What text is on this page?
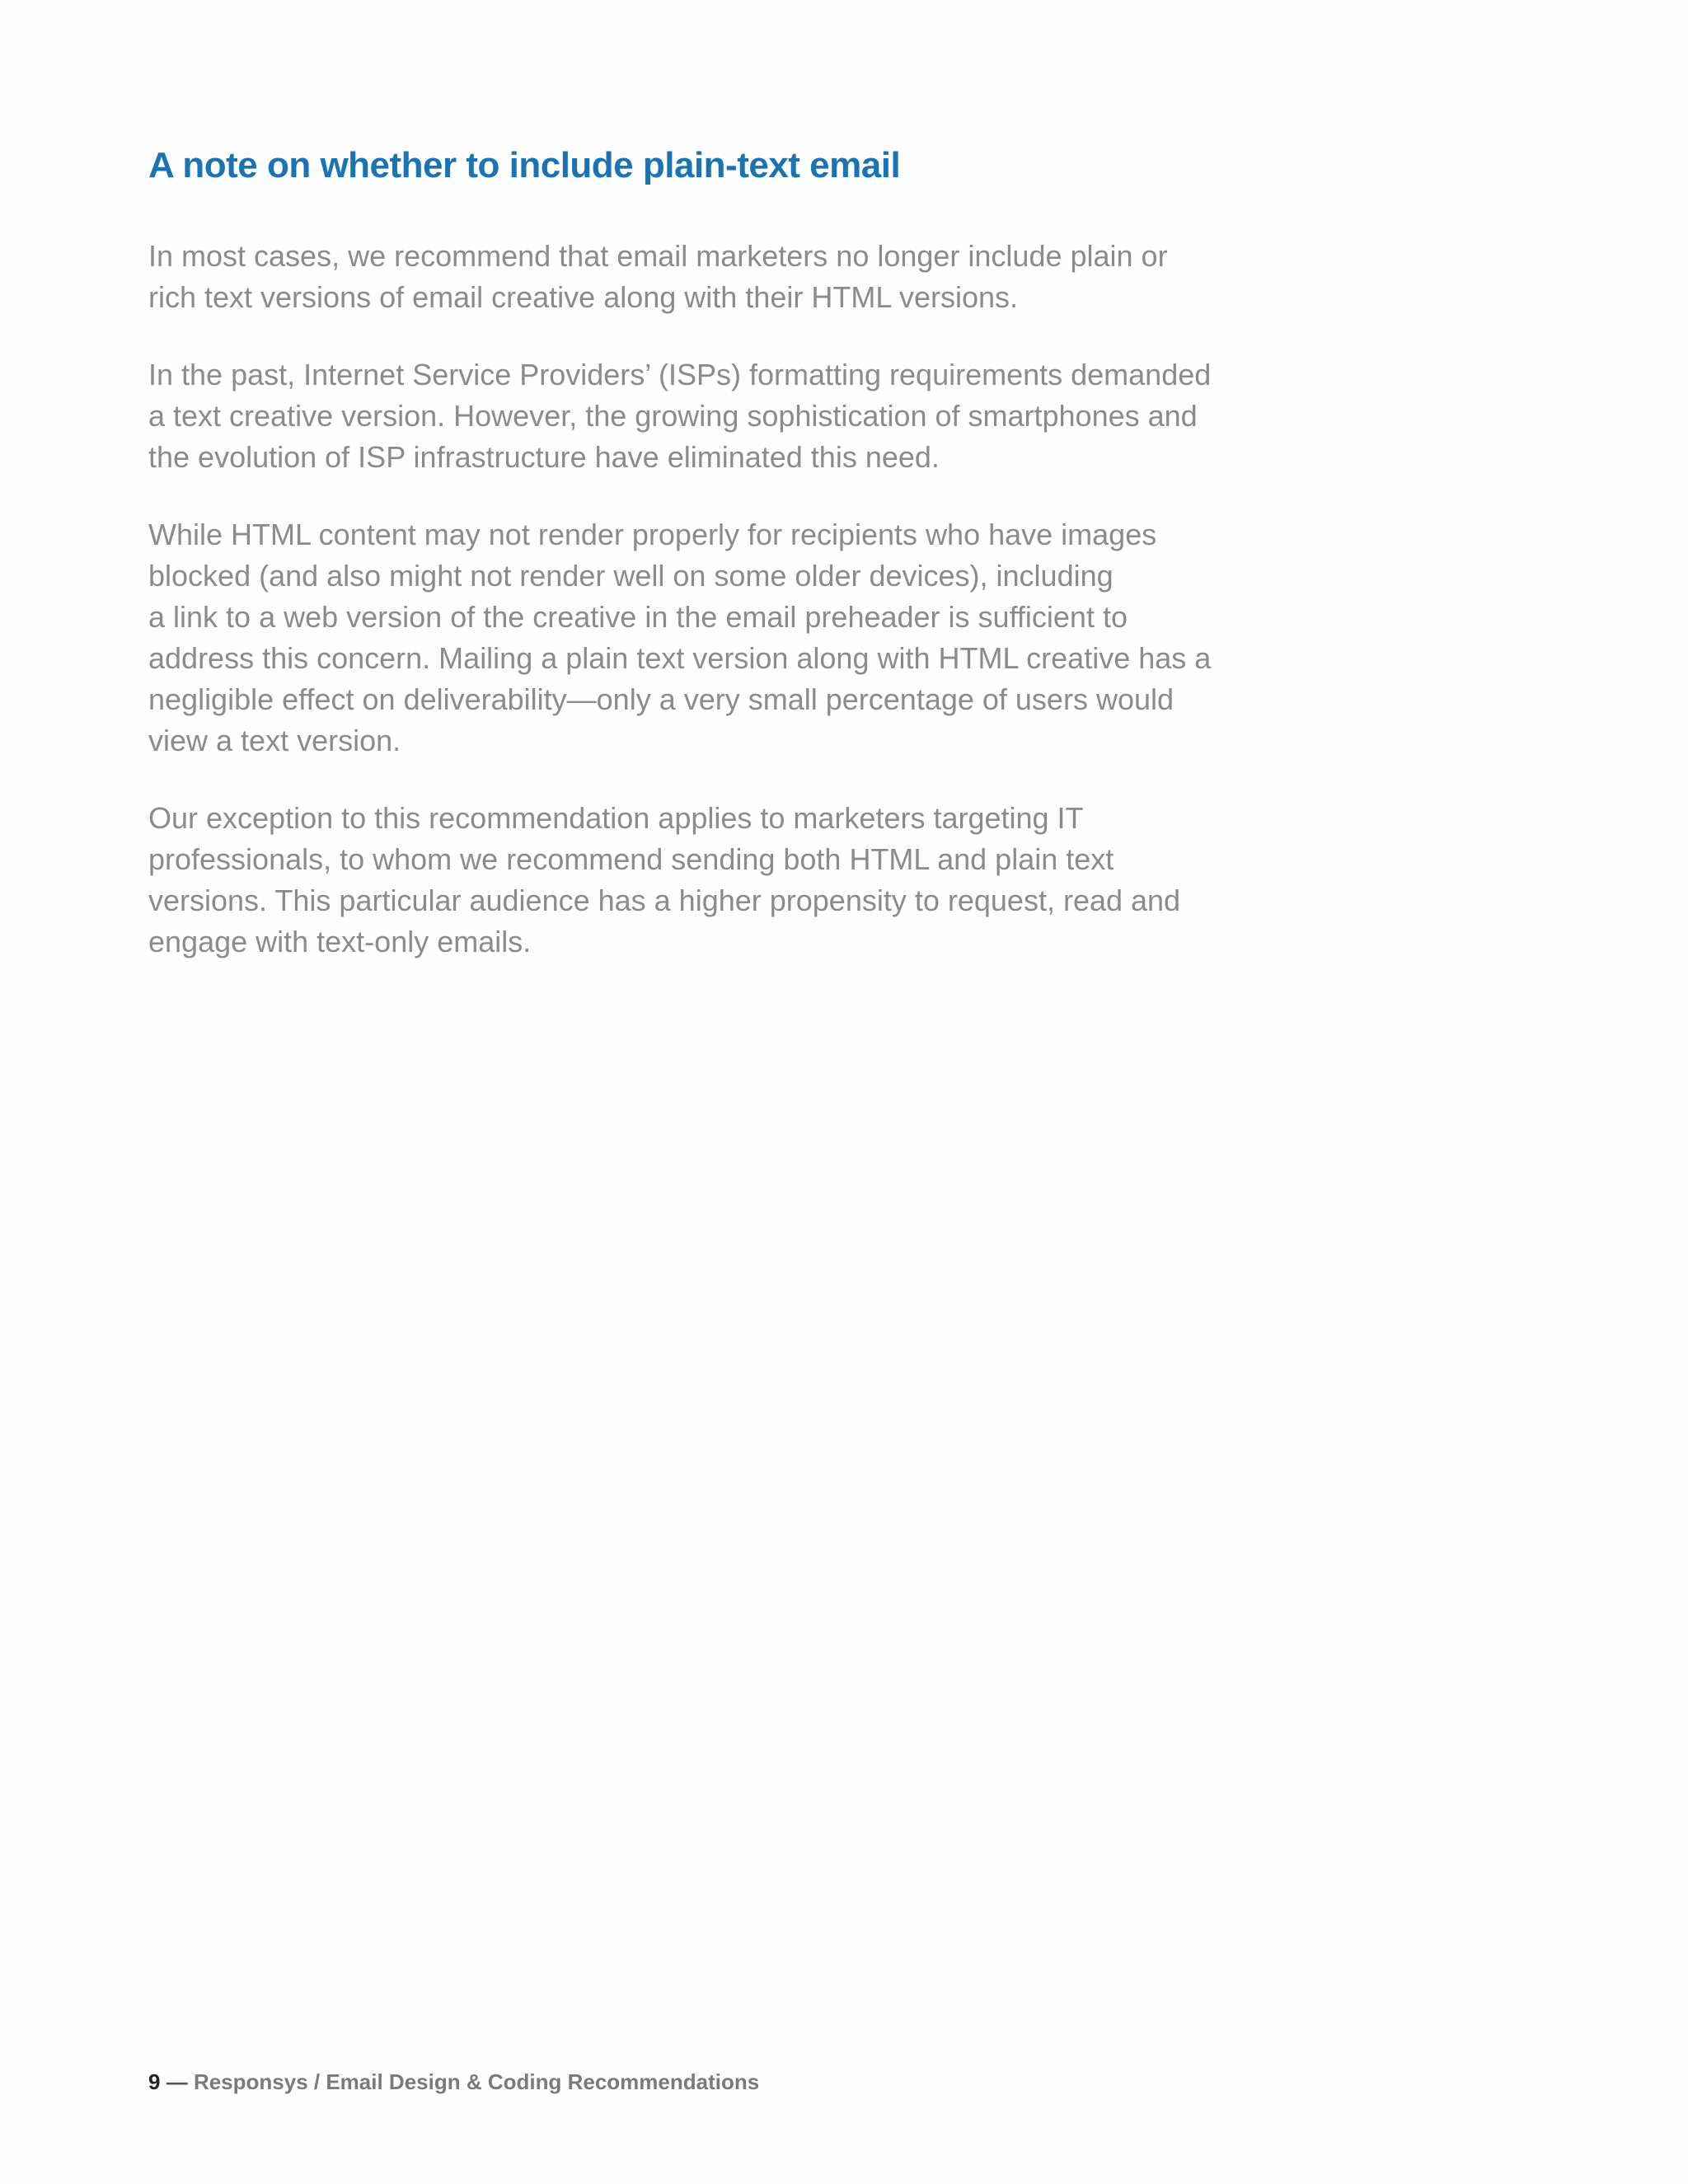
A note on whether to include plain-text email

In most cases, we recommend that email marketers no longer include plain or
rich text versions of email creative along with their HTML versions.

In the past, Internet Service Providers’ (ISPs) formatting requirements demanded
a text creative version. However, the growing sophistication of smartphones and
the evolution of ISP infrastructure have eliminated this need.

While HTML content may not render properly for recipients who have images
blocked (and also might not render well on some older devices), including
a link to a web version of the creative in the email preheader is sufficient to
address this concern. Mailing a plain text version along with HTML creative has a
negligible effect on deliverability—only a very small percentage of users would
view a text version.

Our exception to this recommendation applies to marketers targeting IT
professionals, to whom we recommend sending both HTML and plain text
versions. This particular audience has a higher propensity to request, read and
engage with text-only emails.

9 — Responsys / Email Design & Coding Recommendations
